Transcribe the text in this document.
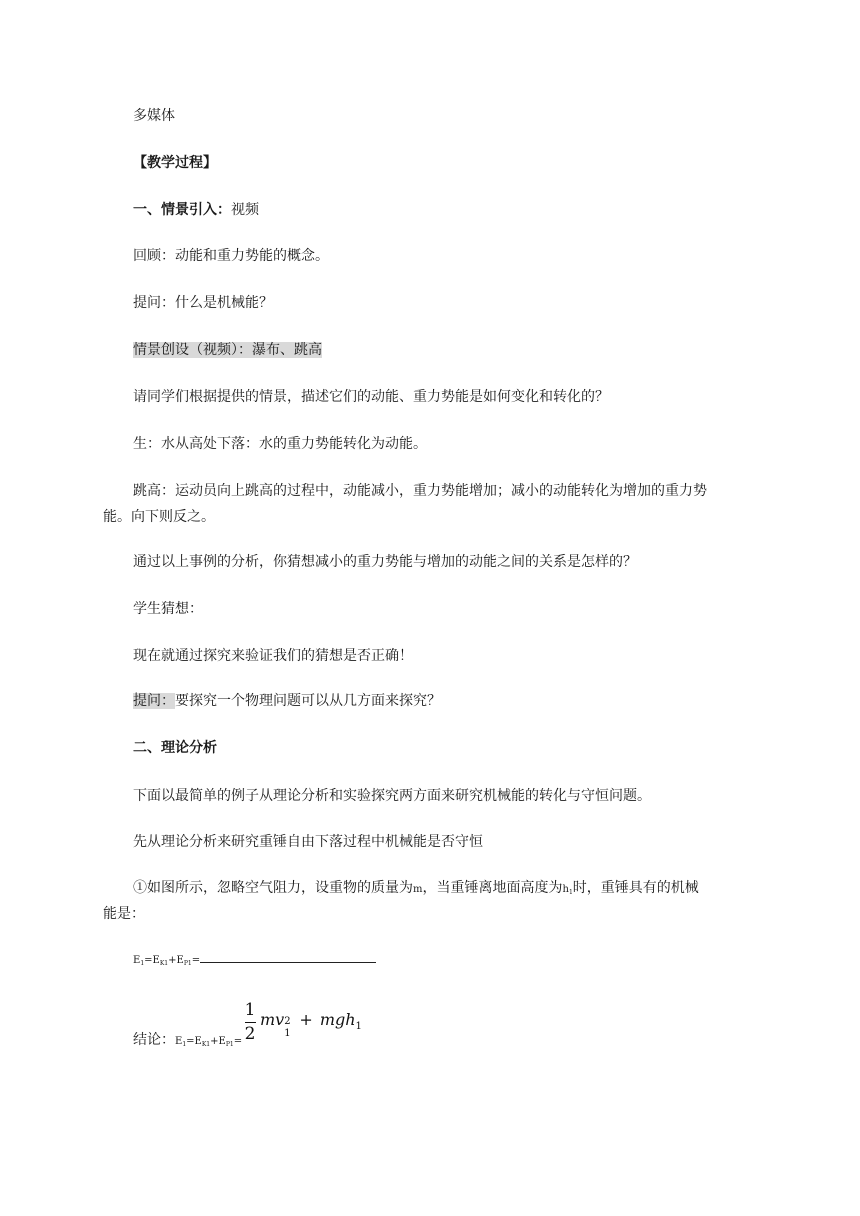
多媒体
【教学过程】
一、情景引入：视频
回顾：动能和重力势能的概念。
提问：什么是机械能？
情景创设（视频）：瀑布、跳高
请同学们根据提供的情景，描述它们的动能、重力势能是如何变化和转化的？
生：水从高处下落：水的重力势能转化为动能。
跳高：运动员向上跳高的过程中，动能减小，重力势能增加；减小的动能转化为增加的重力势
能。向下则反之。
通过以上事例的分析，你猜想减小的重力势能与增加的动能之间的关系是怎样的？
学生猜想：
现在就通过探究来验证我们的猜想是否正确！
提问：要探究一个物理问题可以从几方面来探究？
二、理论分析
下面以最简单的例子从理论分析和实验探究两方面来研究机械能的转化与守恒问题。
先从理论分析来研究重锤自由下落过程中机械能是否守恒
①如图所示，忽略空气阻力，设重物的质量为m，当重锤离地面高度为$h_1$时，重锤具有的机械
能是：
$E_1=E_{K1}+E_{P1}=$
结论：$E_1=E_{K1}+E_{P1}=$
1
2
mv 2
1
+ mgh$_1$
